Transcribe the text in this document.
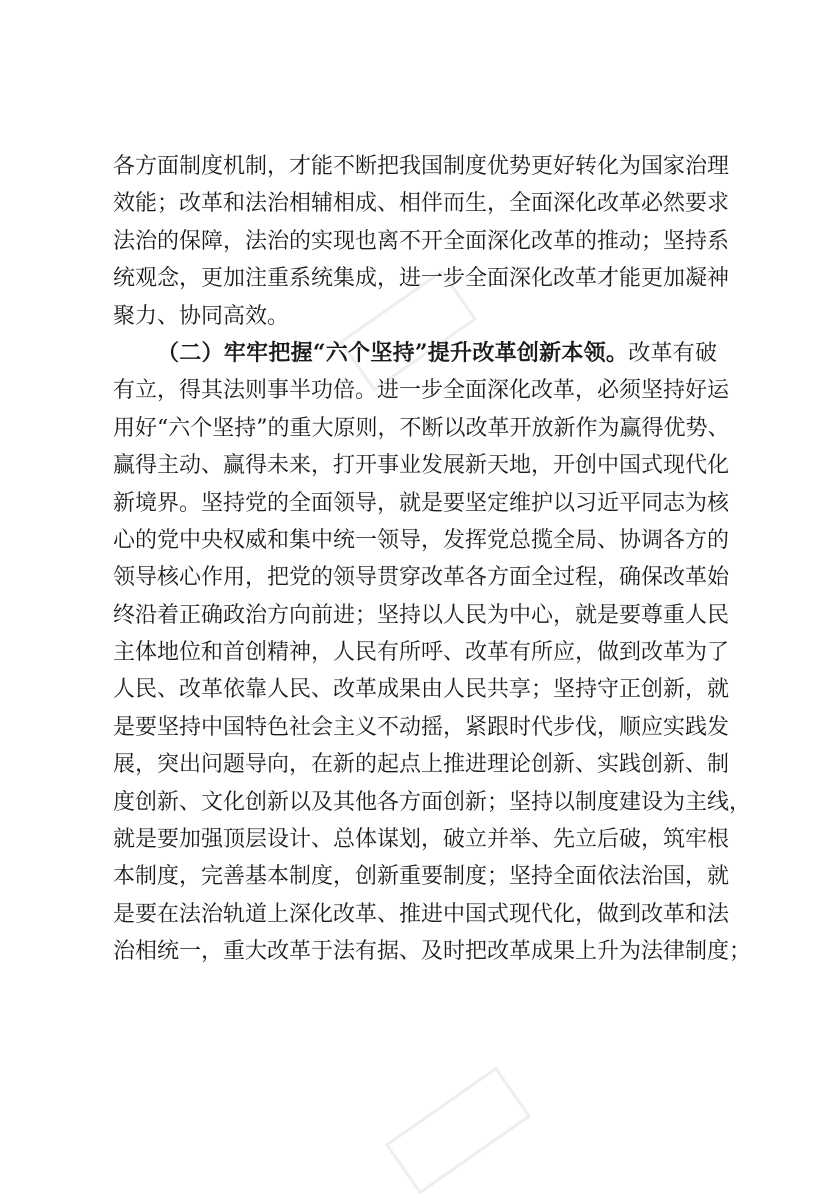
各方面制度机制，才能不断把我国制度优势更好转化为国家治理
效能；改革和法治相辅相成、相伴而生，全面深化改革必然要求
法治的保障，法治的实现也离不开全面深化改革的推动；坚持系
统观念，更加注重系统集成，进一步全面深化改革才能更加凝神
聚力、协同高效。
（二）牢牢把握“六个坚持”提升改革创新本领。改革有破
有立，得其法则事半功倍。进一步全面深化改革，必须坚持好运
用好“六个坚持”的重大原则，不断以改革开放新作为赢得优势、
赢得主动、赢得未来，打开事业发展新天地，开创中国式现代化
新境界。坚持党的全面领导，就是要坚定维护以习近平同志为核
心的党中央权威和集中统一领导，发挥党总揽全局、协调各方的
领导核心作用，把党的领导贯穿改革各方面全过程，确保改革始
终沿着正确政治方向前进；坚持以人民为中心，就是要尊重人民
主体地位和首创精神，人民有所呼、改革有所应，做到改革为了
人民、改革依靠人民、改革成果由人民共享；坚持守正创新，就
是要坚持中国特色社会主义不动摇，紧跟时代步伐，顺应实践发
展，突出问题导向，在新的起点上推进理论创新、实践创新、制
度创新、文化创新以及其他各方面创新；坚持以制度建设为主线，
就是要加强顶层设计、总体谋划，破立并举、先立后破，筑牢根
本制度，完善基本制度，创新重要制度；坚持全面依法治国，就
是要在法治轨道上深化改革、推进中国式现代化，做到改革和法
治相统一，重大改革于法有据、及时把改革成果上升为法律制度；
